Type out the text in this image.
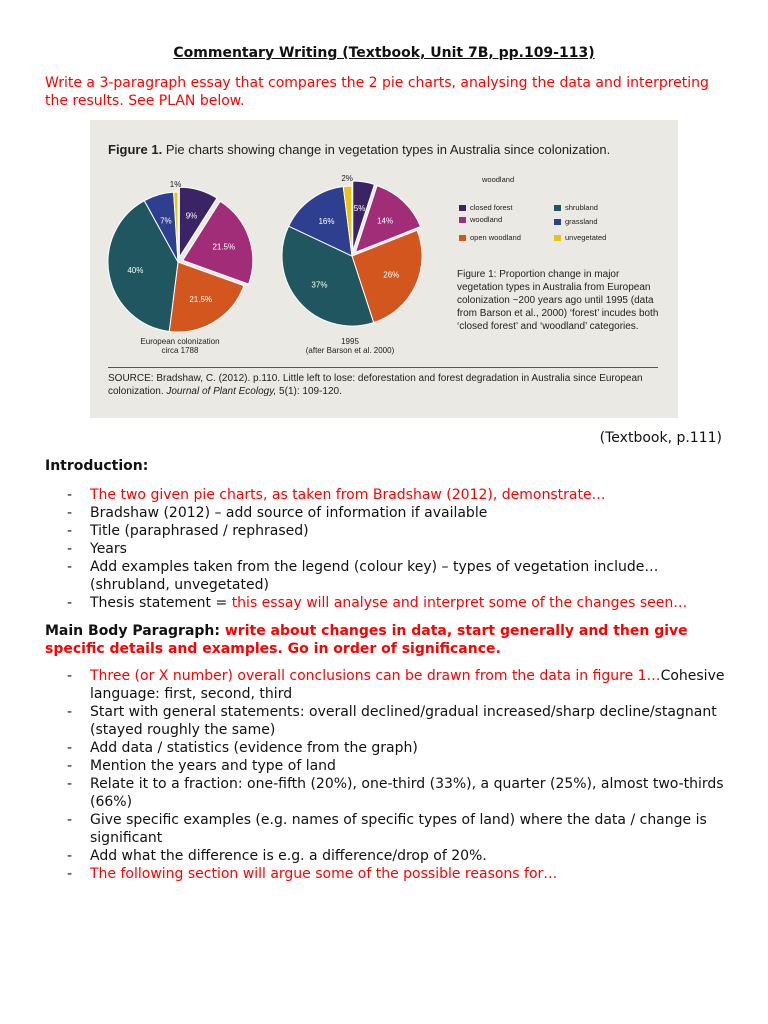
Commentary Writing (Textbook, Unit 7B, pp.109-113)
Write a 3-paragraph essay that compares the 2 pie charts, analysing the data and interpreting the results. See PLAN below.
Figure 1. Pie charts showing change in vegetation types in Australia since colonization.
9%
21.5%
21.5%
40%
7%
1%
5%
14%
26%
37%
16%
2%
European colonization
circa 1788
1995
(after Barson et al. 2000)
woodland
closed forest
woodland
open woodland
shrubland
grassland
unvegetated
Figure 1: Proportion change in major vegetation types in Australia from European colonization ~200 years ago until 1995 (data from Barson et al., 2000) ‘forest’ incudes both ‘closed forest’ and ‘woodland’ categories.
SOURCE: Bradshaw, C. (2012). p.110. Little left to lose: deforestation and forest degradation in Australia since European colonization. Journal of Plant Ecology, 5(1): 109-120.
(Textbook, p.111)
Introduction:
- The two given pie charts, as taken from Bradshaw (2012), demonstrate…
- Bradshaw (2012) – add source of information if available
- Title (paraphrased / rephrased)
- Years
- Add examples taken from the legend (colour key) – types of vegetation include… (shrubland, unvegetated)
- Thesis statement = this essay will analyse and interpret some of the changes seen…
Main Body Paragraph: write about changes in data, start generally and then give specific details and examples. Go in order of significance.
- Three (or X number) overall conclusions can be drawn from the data in figure 1…Cohesive language: first, second, third
- Start with general statements: overall declined/gradual increased/sharp decline/stagnant (stayed roughly the same)
- Add data / statistics (evidence from the graph)
- Mention the years and type of land
- Relate it to a fraction: one-fifth (20%), one-third (33%), a quarter (25%), almost two-thirds (66%)
- Give specific examples (e.g. names of specific types of land) where the data / change is significant
- Add what the difference is e.g. a difference/drop of 20%.
- The following section will argue some of the possible reasons for…
